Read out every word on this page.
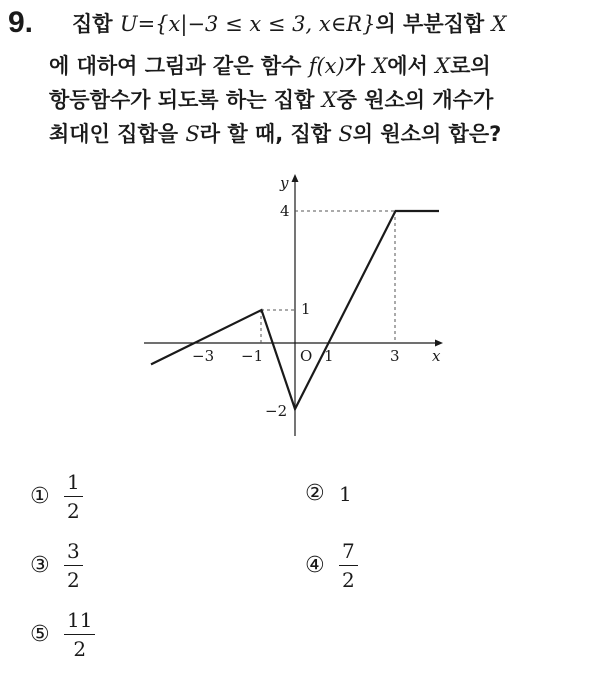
9. 집합 U={x|−3 ≤ x ≤ 3, x∈R}의 부분집합 X
에 대하여 그림과 같은 함수 f(x)가 X에서 X로의
항등함수가 되도록 하는 집합 X중 원소의 개수가
최대인 집합을 S라 할 때, 집합 S의 원소의 합은?
y
x
O
−3 −1	1	3
4
1
−2
① $\frac{1}{2}$	② 1
③ $\frac{3}{2}$	④ $\frac{7}{2}$
⑤ $\frac{11}{2}$
